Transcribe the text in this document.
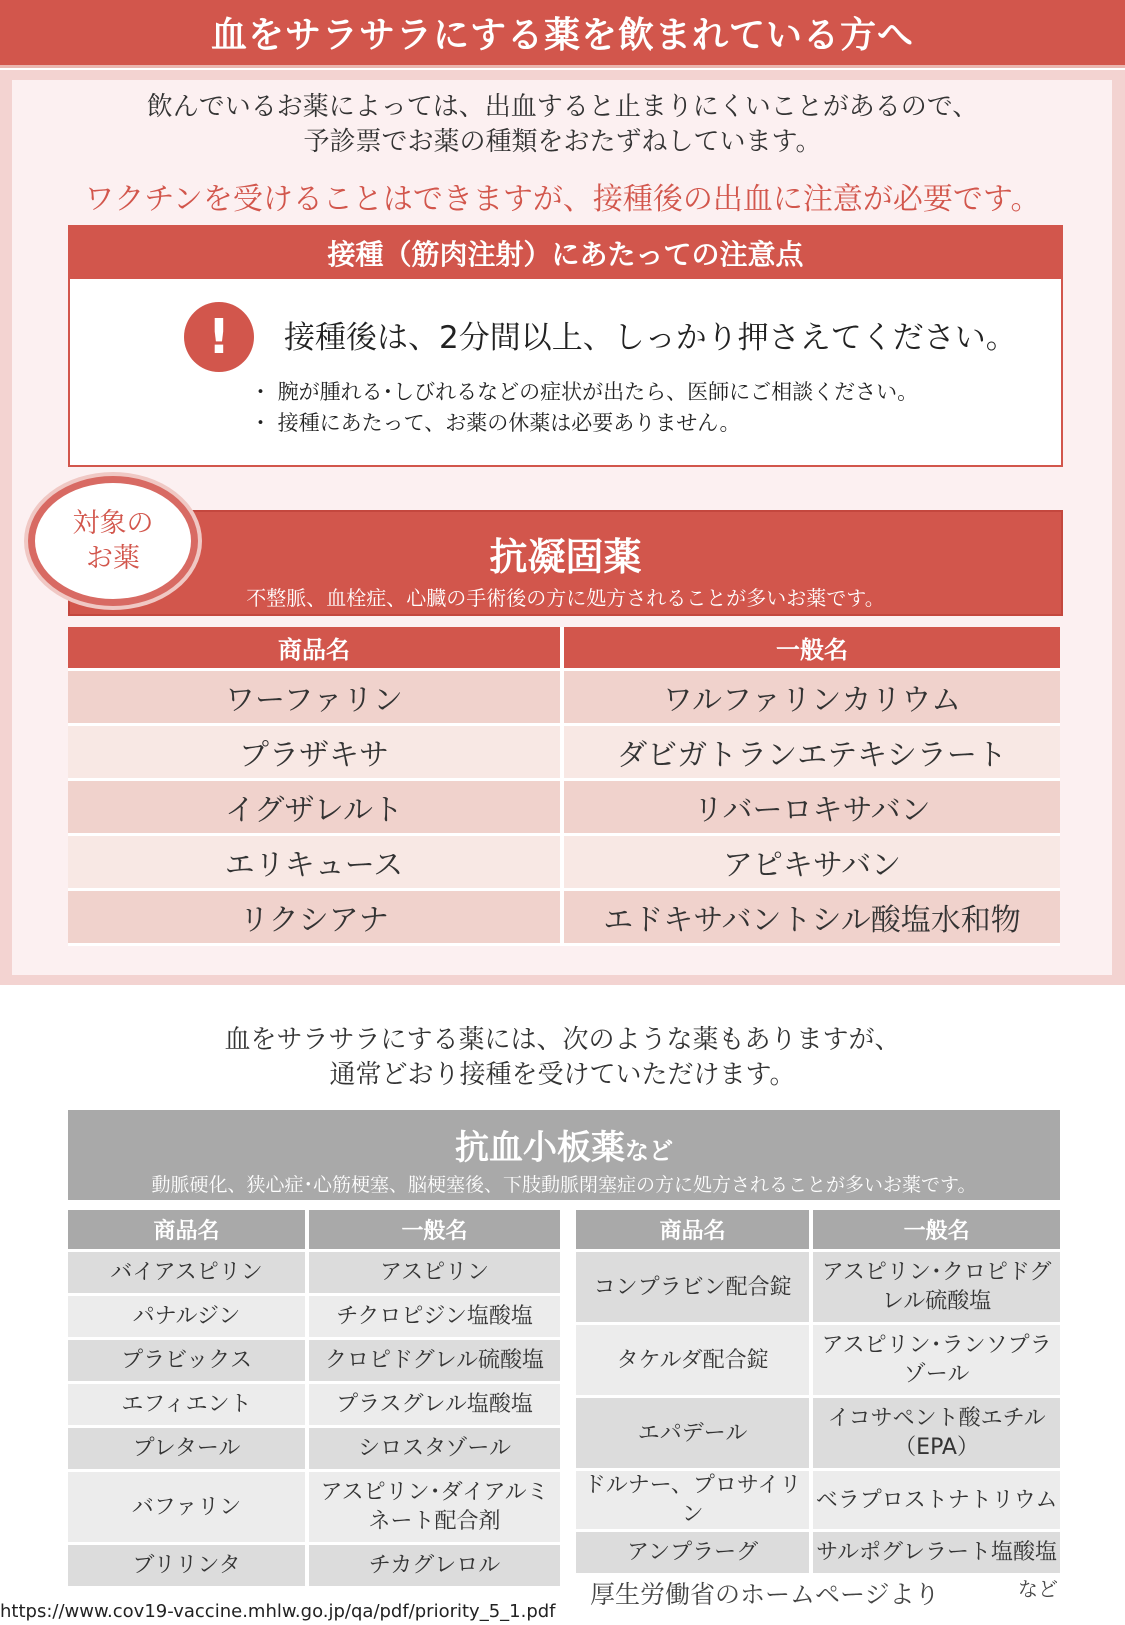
血をサラサラにする薬を飲まれている方へ
飲んでいるお薬によっては、出血すると止まりにくいことがあるので、
予診票でお薬の種類をおたずねしています。
ワクチンを受けることはできますが、接種後の出血に注意が必要です。
接種（筋肉注射）にあたっての注意点
!	接種後は、2分間以上、しっかり押さえてください。
・ 腕が腫れる･しびれるなどの症状が出たら、医師にご相談ください。
・ 接種にあたって、お薬の休薬は必要ありません。
抗凝固薬
不整脈、血栓症、心臓の手術後の方に処方されることが多いお薬です。
対象の
お薬
商品名	一般名
ワーファリン	ワルファリンカリウム
プラザキサ	ダビガトランエテキシラート
イグザレルト	リバーロキサバン
エリキュース	アピキサバン
リクシアナ	エドキサバントシル酸塩水和物
血をサラサラにする薬には、次のような薬もありますが、
通常どおり接種を受けていただけます。
抗血小板薬など
動脈硬化、狭心症･心筋梗塞、脳梗塞後、下肢動脈閉塞症の方に処方されることが多いお薬です。
商品名	一般名
バイアスピリン	アスピリン
パナルジン	チクロピジン塩酸塩
プラビックス	クロピドグレル硫酸塩
エフィエント	プラスグレル塩酸塩
プレタール	シロスタゾール
バファリン	アスピリン･ダイアルミ
ネート配合剤
ブリリンタ	チカグレロル
商品名	一般名
コンプラビン配合錠	アスピリン･クロピドグ
レル硫酸塩
タケルダ配合錠	アスピリン･ランソプラ
ゾール
エパデール	イコサペント酸エチル
（EPA）
ドルナー、プロサイリン	ベラプロストナトリウム
アンプラーグ	サルポグレラート塩酸塩
厚生労働省のホームページより	など
https://www.cov19-vaccine.mhlw.go.jp/qa/pdf/priority_5_1.pdf
